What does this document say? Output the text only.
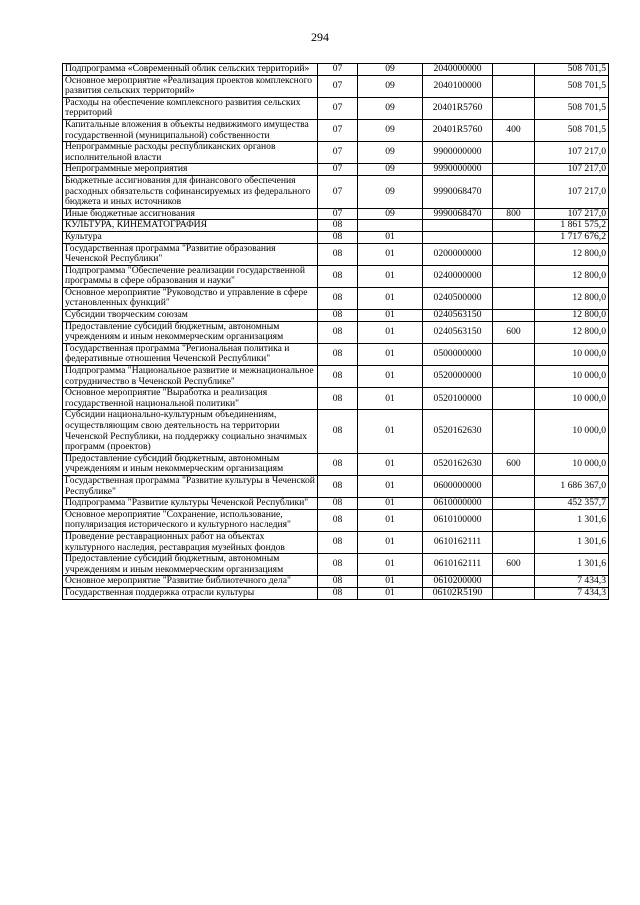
294
Подпрограмма «Современный облик сельских территорий»	07	09	2040000000		508 701,5
Основное мероприятие «Реализация проектов комплексного развития сельских территорий»	07	09	2040100000		508 701,5
Расходы на обеспечение комплексного развития сельских территорий	07	09	20401R5760		508 701,5
Капитальные вложения в объекты недвижимого имущества государственной (муниципальной) собственности	07	09	20401R5760	400	508 701,5
Непрограммные расходы республиканских органов исполнительной власти	07	09	9900000000		107 217,0
Непрограммные мероприятия	07	09	9990000000		107 217,0
Бюджетные ассигнования для финансового обеспечения расходных обязательств софинансируемых из федерального бюджета и иных источников	07	09	9990068470		107 217,0
Иные бюджетные ассигнования	07	09	9990068470	800	107 217,0
КУЛЬТУРА, КИНЕМАТОГРАФИЯ	08				1 861 575,2
Культура	08	01			1 717 676,2
Государственная программа "Развитие образования Чеченской Республики"	08	01	0200000000		12 800,0
Подпрограмма "Обеспечение реализации государственной программы в сфере образования и науки"	08	01	0240000000		12 800,0
Основное мероприятие "Руководство и управление в сфере установленных функций"	08	01	0240500000		12 800,0
Субсидии творческим союзам	08	01	0240563150		12 800,0
Предоставление субсидий бюджетным, автономным учреждениям и иным некоммерческим организациям	08	01	0240563150	600	12 800,0
Государственная программа "Региональная политика и федеративные отношения Чеченской Республики"	08	01	0500000000		10 000,0
Подпрограмма "Национальное развитие и межнациональное сотрудничество в Чеченской Республике"	08	01	0520000000		10 000,0
Основное мероприятие "Выработка и реализация государственной национальной политики"	08	01	0520100000		10 000,0
Субсидии национально-культурным объединениям, осуществляющим свою деятельность на территории Чеченской Республики, на поддержку социально значимых программ (проектов)	08	01	0520162630		10 000,0
Предоставление субсидий бюджетным, автономным учреждениям и иным некоммерческим организациям	08	01	0520162630	600	10 000,0
Государственная программа "Развитие культуры в Чеченской Республике"	08	01	0600000000		1 686 367,0
Подпрограмма "Развитие культуры Чеченской Республики"	08	01	0610000000		452 357,7
Основное мероприятие "Сохранение, использование, популяризация исторического и культурного наследия"	08	01	0610100000		1 301,6
Проведение реставрационных работ на объектах культурного наследия, реставрация музейных фондов	08	01	0610162111		1 301,6
Предоставление субсидий бюджетным, автономным учреждениям и иным некоммерческим организациям	08	01	0610162111	600	1 301,6
Основное мероприятие "Развитие библиотечного дела"	08	01	0610200000		7 434,3
Государственная поддержка отрасли культуры	08	01	06102R5190		7 434,3
